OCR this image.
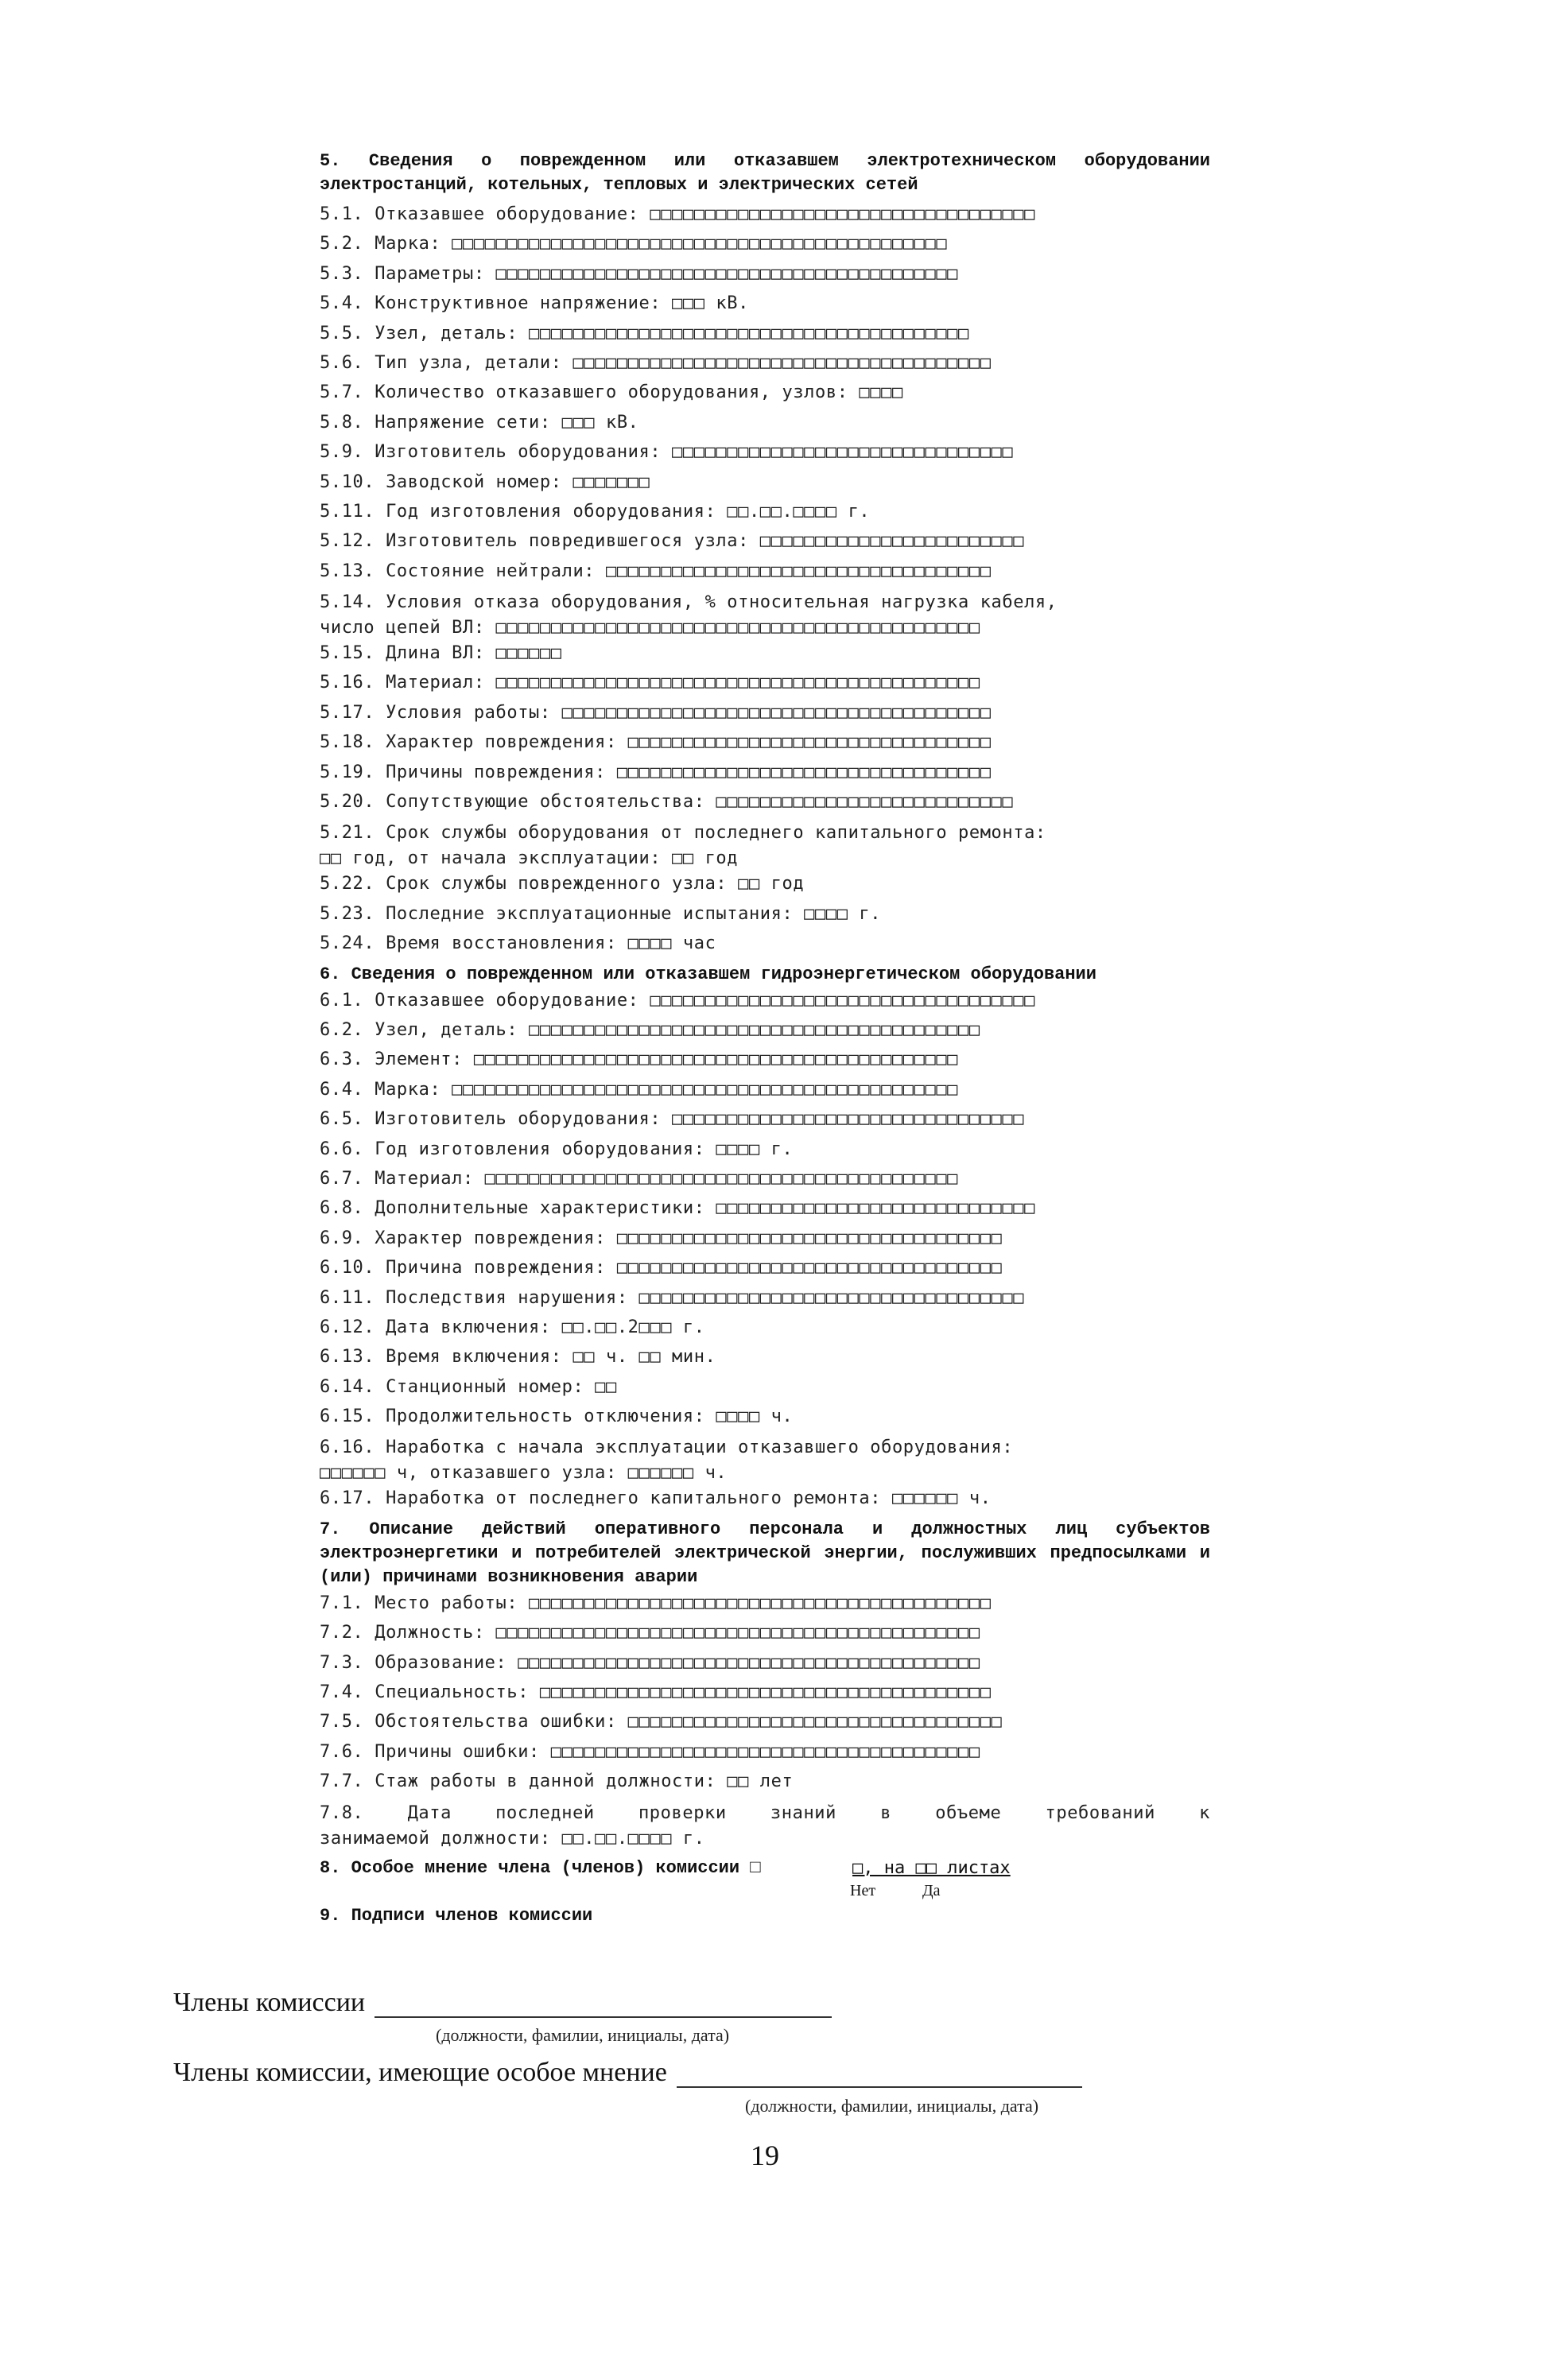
5. Сведения о поврежденном или отказавшем электротехническом оборудовании электростанций, котельных, тепловых и электрических сетей
5.1. Отказавшее оборудование: □□□□□□□□□□□□□□□□□□□□□□□□□□□□□□□□□□□
5.2. Марка: □□□□□□□□□□□□□□□□□□□□□□□□□□□□□□□□□□□□□□□□□□□□□
5.3. Параметры: □□□□□□□□□□□□□□□□□□□□□□□□□□□□□□□□□□□□□□□□□□
5.4. Конструктивное напряжение: □□□ кВ.
5.5. Узел, деталь: □□□□□□□□□□□□□□□□□□□□□□□□□□□□□□□□□□□□□□□□
5.6. Тип узла, детали: □□□□□□□□□□□□□□□□□□□□□□□□□□□□□□□□□□□□□□
5.7. Количество отказавшего оборудования, узлов: □□□□
5.8. Напряжение сети: □□□ кВ.
5.9. Изготовитель оборудования: □□□□□□□□□□□□□□□□□□□□□□□□□□□□□□□
5.10. Заводской номер: □□□□□□□
5.11. Год изготовления оборудования: □□.□□.□□□□ г.
5.12. Изготовитель повредившегося узла: □□□□□□□□□□□□□□□□□□□□□□□□
5.13. Состояние нейтрали: □□□□□□□□□□□□□□□□□□□□□□□□□□□□□□□□□□□
5.14. Условия отказа оборудования, % относительная нагрузка кабеля,
число цепей ВЛ: □□□□□□□□□□□□□□□□□□□□□□□□□□□□□□□□□□□□□□□□□□□□
5.15. Длина ВЛ: □□□□□□
5.16. Материал: □□□□□□□□□□□□□□□□□□□□□□□□□□□□□□□□□□□□□□□□□□□□
5.17. Условия работы: □□□□□□□□□□□□□□□□□□□□□□□□□□□□□□□□□□□□□□□
5.18. Характер повреждения: □□□□□□□□□□□□□□□□□□□□□□□□□□□□□□□□□
5.19. Причины повреждения: □□□□□□□□□□□□□□□□□□□□□□□□□□□□□□□□□□
5.20. Сопутствующие обстоятельства: □□□□□□□□□□□□□□□□□□□□□□□□□□□
5.21. Срок службы оборудования от последнего капитального ремонта:
□□ год, от начала эксплуатации: □□ год
5.22. Срок службы поврежденного узла: □□ год
5.23. Последние эксплуатационные испытания: □□□□ г.
5.24. Время восстановления: □□□□ час
6. Сведения о поврежденном или отказавшем гидроэнергетическом оборудовании
6.1. Отказавшее оборудование: □□□□□□□□□□□□□□□□□□□□□□□□□□□□□□□□□□□
6.2. Узел, деталь: □□□□□□□□□□□□□□□□□□□□□□□□□□□□□□□□□□□□□□□□□
6.3. Элемент: □□□□□□□□□□□□□□□□□□□□□□□□□□□□□□□□□□□□□□□□□□□□
6.4. Марка: □□□□□□□□□□□□□□□□□□□□□□□□□□□□□□□□□□□□□□□□□□□□□□
6.5. Изготовитель оборудования: □□□□□□□□□□□□□□□□□□□□□□□□□□□□□□□□
6.6. Год изготовления оборудования: □□□□ г.
6.7. Материал: □□□□□□□□□□□□□□□□□□□□□□□□□□□□□□□□□□□□□□□□□□□
6.8. Дополнительные характеристики: □□□□□□□□□□□□□□□□□□□□□□□□□□□□□
6.9. Характер повреждения: □□□□□□□□□□□□□□□□□□□□□□□□□□□□□□□□□□□
6.10. Причина повреждения: □□□□□□□□□□□□□□□□□□□□□□□□□□□□□□□□□□□
6.11. Последствия нарушения: □□□□□□□□□□□□□□□□□□□□□□□□□□□□□□□□□□□
6.12. Дата включения: □□.□□.2□□□ г.
6.13. Время включения: □□ ч. □□ мин.
6.14. Станционный номер: □□
6.15. Продолжительность отключения: □□□□ ч.
6.16. Наработка с начала эксплуатации отказавшего оборудования:
□□□□□□ ч, отказавшего узла: □□□□□□ ч.
6.17. Наработка от последнего капитального ремонта: □□□□□□ ч.
7. Описание действий оперативного персонала и должностных лиц субъектов электроэнергетики и потребителей электрической энергии, послуживших предпосылками и (или) причинами возникновения аварии
7.1. Место работы: □□□□□□□□□□□□□□□□□□□□□□□□□□□□□□□□□□□□□□□□□□
7.2. Должность: □□□□□□□□□□□□□□□□□□□□□□□□□□□□□□□□□□□□□□□□□□□□
7.3. Образование: □□□□□□□□□□□□□□□□□□□□□□□□□□□□□□□□□□□□□□□□□□
7.4. Специальность: □□□□□□□□□□□□□□□□□□□□□□□□□□□□□□□□□□□□□□□□□
7.5. Обстоятельства ошибки: □□□□□□□□□□□□□□□□□□□□□□□□□□□□□□□□□□
7.6. Причины ошибки: □□□□□□□□□□□□□□□□□□□□□□□□□□□□□□□□□□□□□□□
7.7. Стаж работы в данной должности: □□ лет
7.8. Дата последней проверки знаний в объеме требований к
занимаемой должности: □□.□□.□□□□ г.
8. Особое мнение члена (членов) комиссии □	□, на □□ листах
Нет	Да
9. Подписи членов комиссии
Члены комиссии
(должности, фамилии, инициалы, дата)
Члены комиссии, имеющие особое мнение
(должности, фамилии, инициалы, дата)
19
